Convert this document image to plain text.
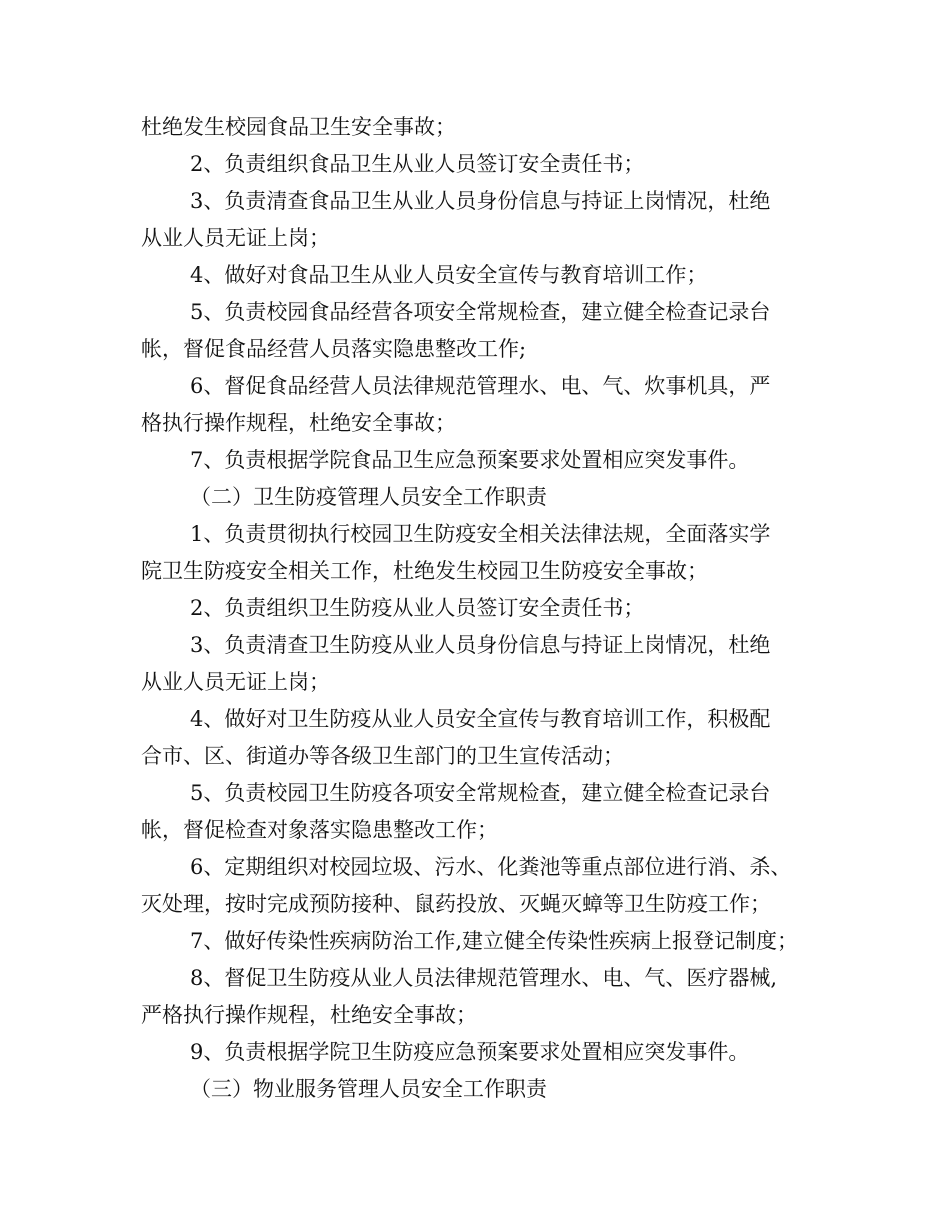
杜绝发生校园食品卫生安全事故；
2、负责组织食品卫生从业人员签订安全责任书；
3、负责清查食品卫生从业人员身份信息与持证上岗情况，杜绝
从业人员无证上岗；
4、做好对食品卫生从业人员安全宣传与教育培训工作；
5、负责校园食品经营各项安全常规检查，建立健全检查记录台
帐，督促食品经营人员落实隐患整改工作;
6、督促食品经营人员法律规范管理水、电、气、炊事机具，严
格执行操作规程，杜绝安全事故；
7、负责根据学院食品卫生应急预案要求处置相应突发事件。
（二）卫生防疫管理人员安全工作职责
1、负责贯彻执行校园卫生防疫安全相关法律法规，全面落实学
院卫生防疫安全相关工作，杜绝发生校园卫生防疫安全事故；
2、负责组织卫生防疫从业人员签订安全责任书；
3、负责清查卫生防疫从业人员身份信息与持证上岗情况，杜绝
从业人员无证上岗；
4、做好对卫生防疫从业人员安全宣传与教育培训工作，积极配
合市、区、街道办等各级卫生部门的卫生宣传活动；
5、负责校园卫生防疫各项安全常规检查，建立健全检查记录台
帐，督促检查对象落实隐患整改工作；
6、定期组织对校园垃圾、污水、化粪池等重点部位进行消、杀、
灭处理，按时完成预防接种、鼠药投放、灭蝇灭蟑等卫生防疫工作；
7、做好传染性疾病防治工作,建立健全传染性疾病上报登记制度；
8、督促卫生防疫从业人员法律规范管理水、电、气、医疗器械,
严格执行操作规程，杜绝安全事故；
9、负责根据学院卫生防疫应急预案要求处置相应突发事件。
（三）物业服务管理人员安全工作职责
